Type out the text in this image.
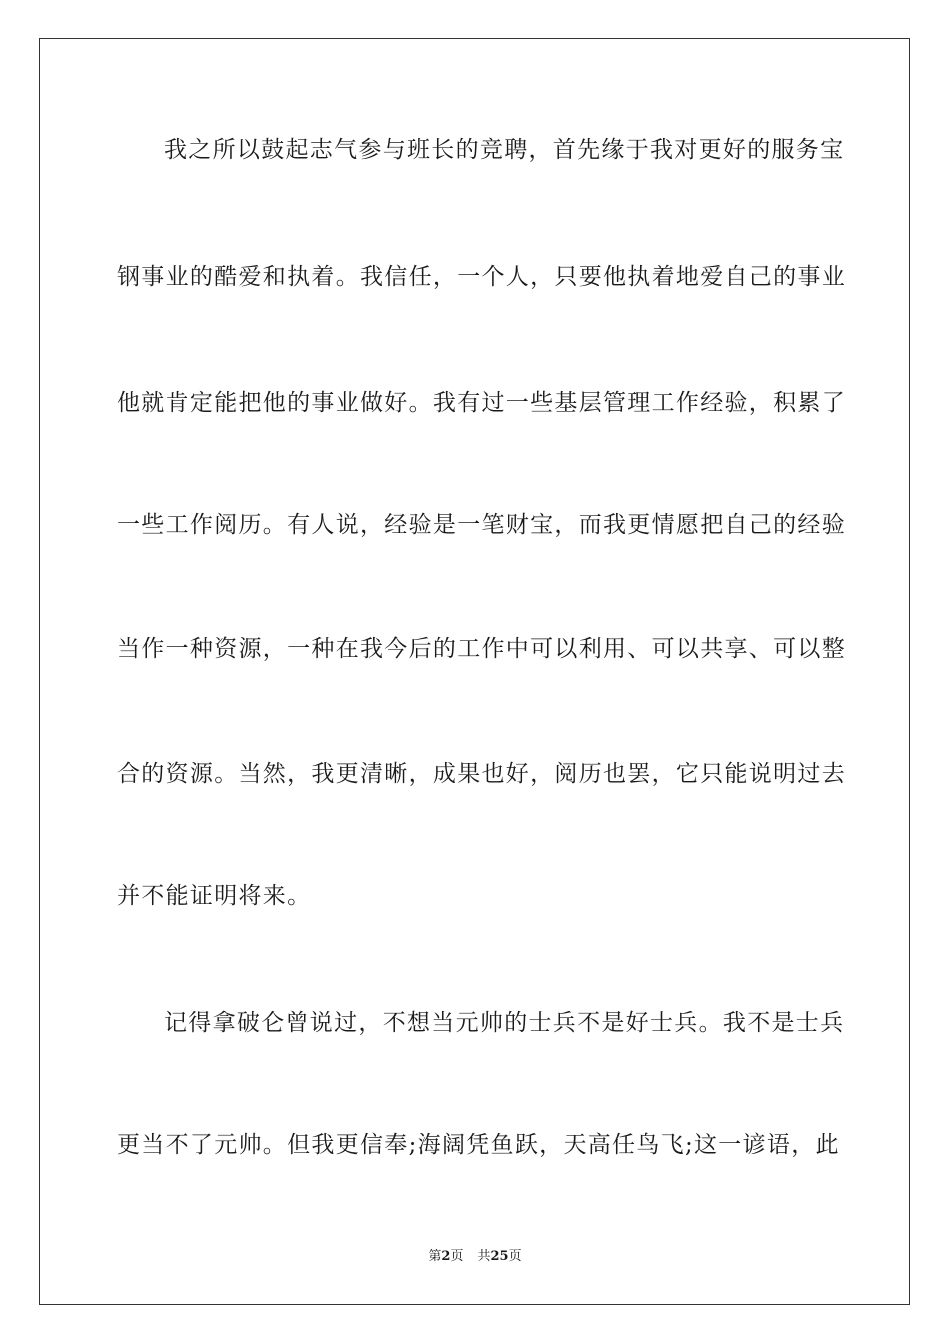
我之所以鼓起志气参与班长的竞聘，首先缘于我对更好的服务宝
钢事业的酷爱和执着。我信任，一个人，只要他执着地爱自己的事业
他就肯定能把他的事业做好。我有过一些基层管理工作经验，积累了
一些工作阅历。有人说，经验是一笔财宝，而我更情愿把自己的经验
当作一种资源，一种在我今后的工作中可以利用、可以共享、可以整
合的资源。当然，我更清晰，成果也好，阅历也罢，它只能说明过去
并不能证明将来。
记得拿破仑曾说过，不想当元帅的士兵不是好士兵。我不是士兵
更当不了元帅。但我更信奉;海阔凭鱼跃，天高任鸟飞;这一谚语，此
第2页 共25页
